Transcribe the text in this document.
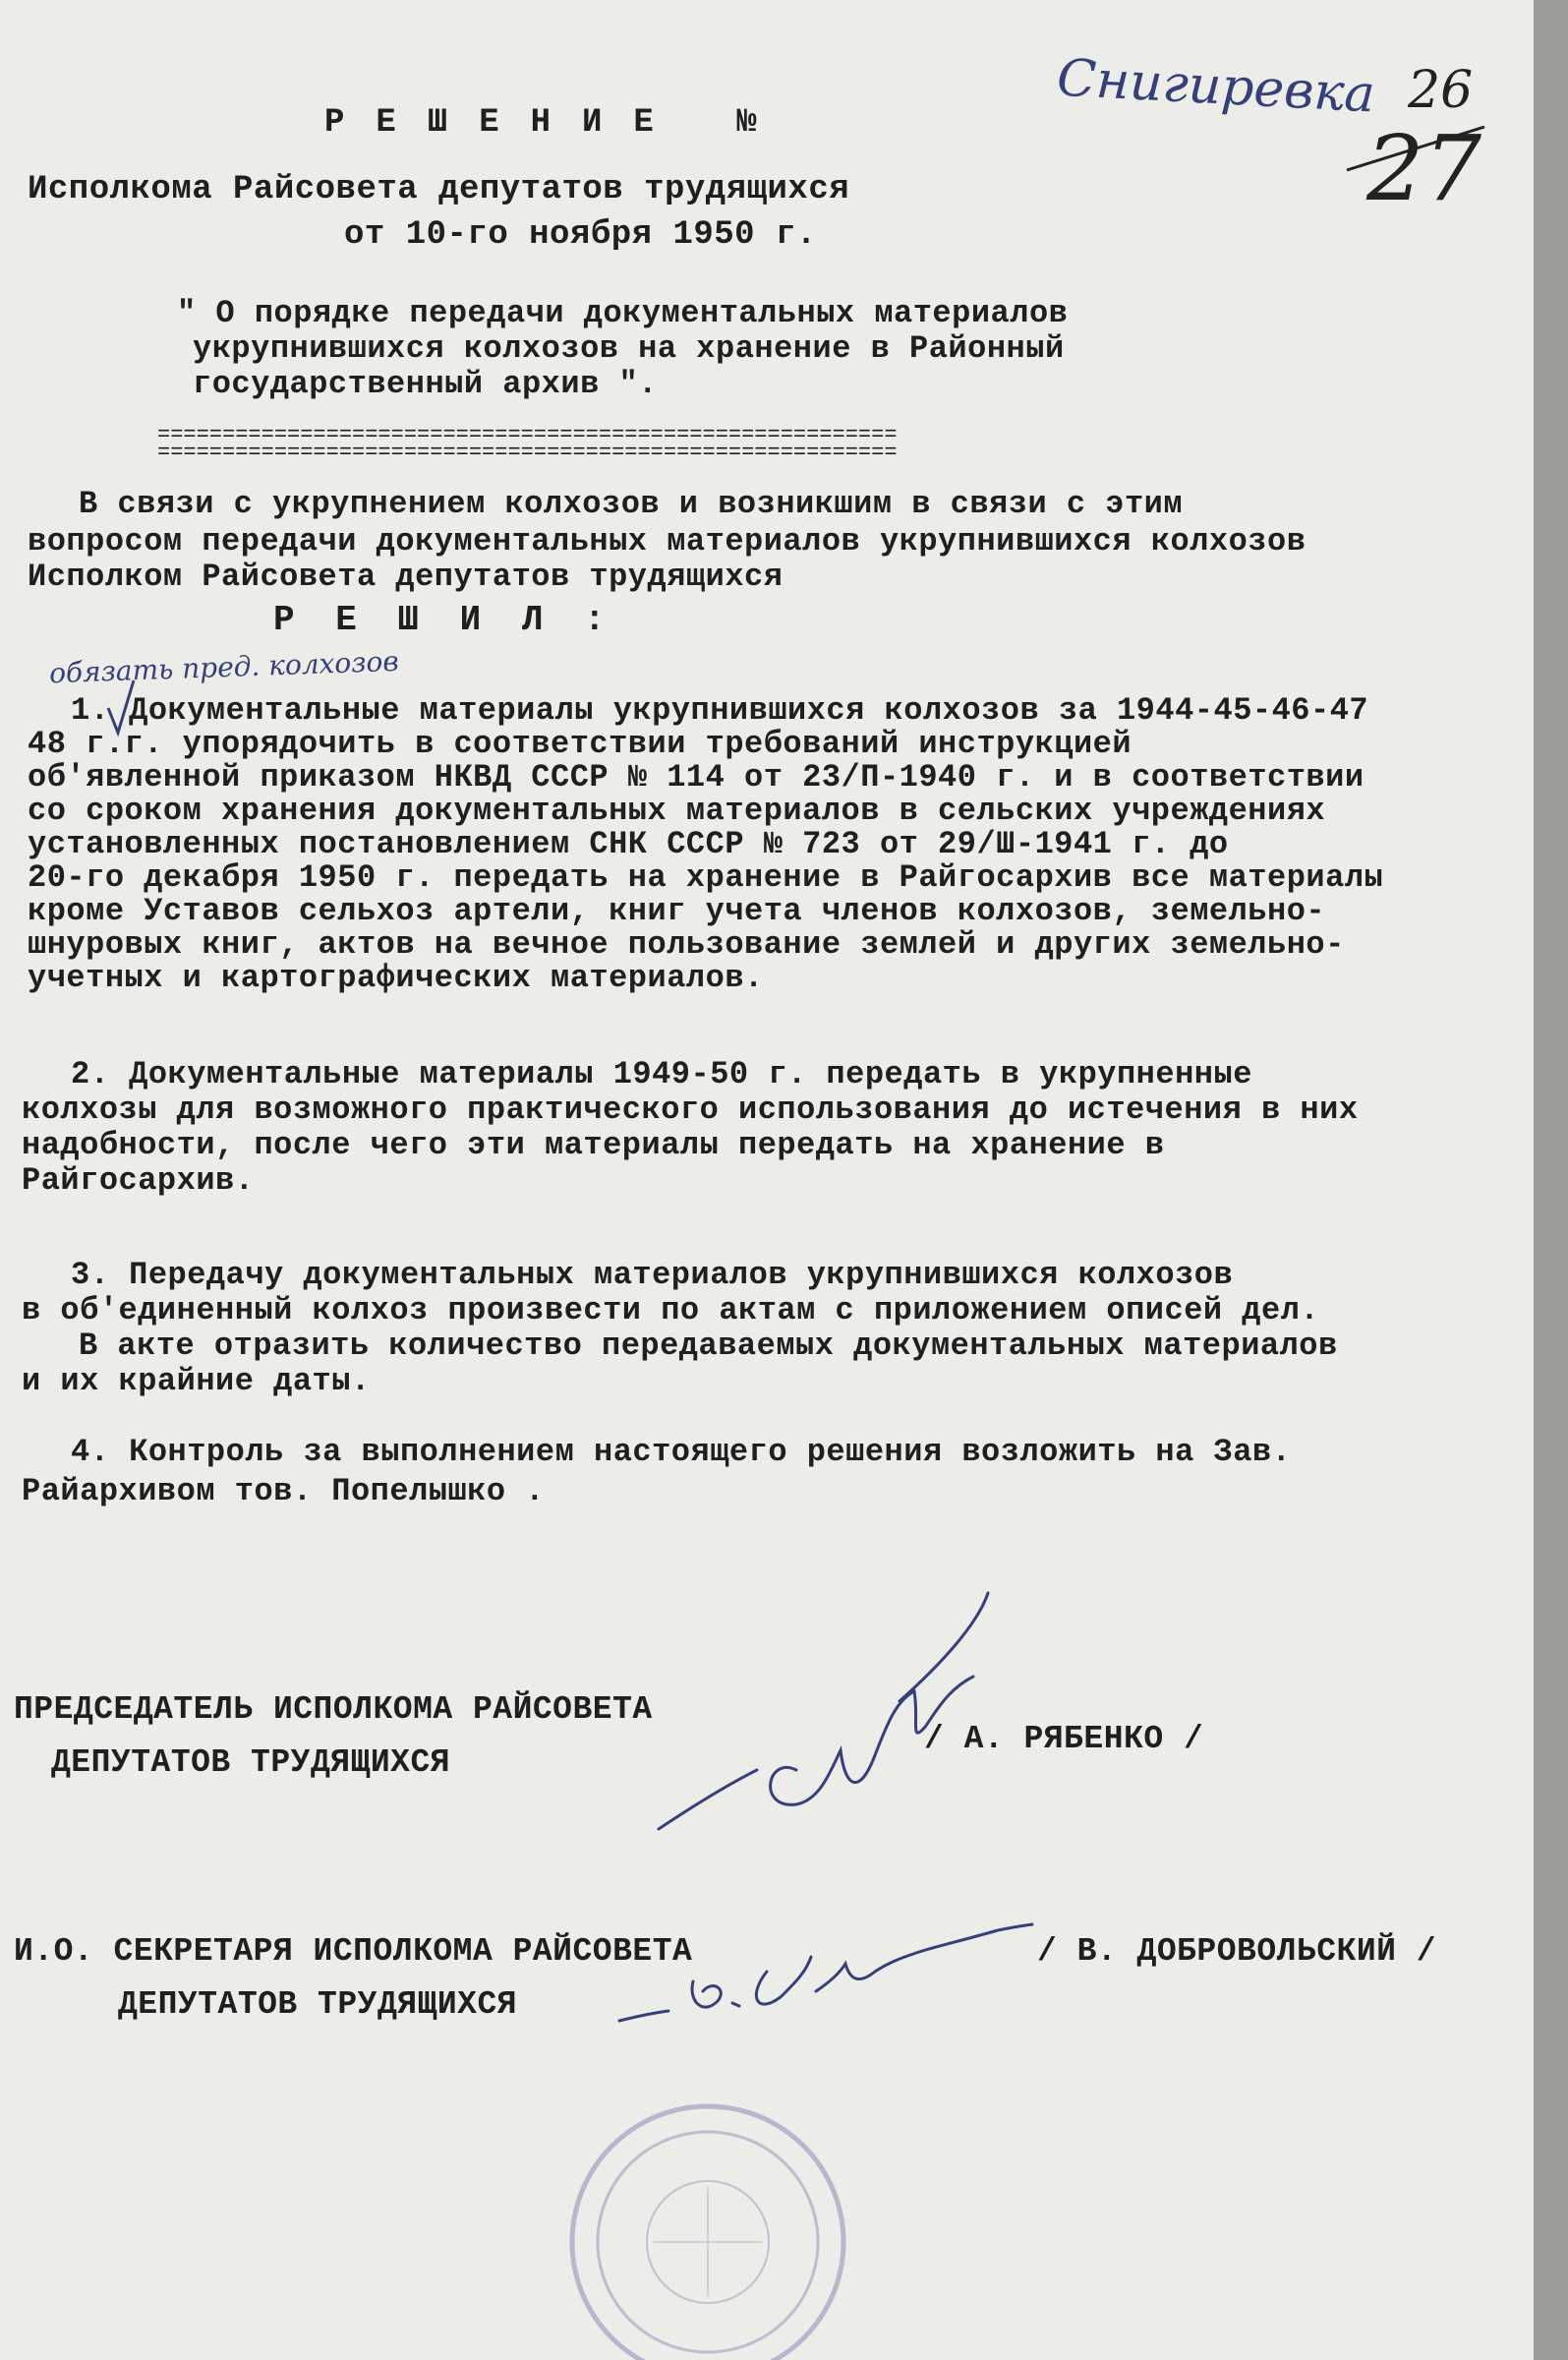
Снигиревка 26

27

РЕШЕНИЕ №

Исполкома Райсовета депутатов трудящихся

от 10-го ноября 1950 г.

" О порядке передачи документальных материалов

укрупнившихся колхозов на хранение в Районный

государственный архив ".

=========================================================

=========================================================

В связи с укрупнением колхозов и возникшим в связи с этим

вопросом передачи документальных материалов укрупнившихся колхозов

Исполком Райсовета депутатов трудящихся

Р Е Ш И Л :

обязать пред. колхозов

1. Документальные материалы укрупнившихся колхозов за 1944-45-46-47

48 г.г. упорядочить в соответствии требований инструкцией

об'явленной приказом НКВД СССР № 114 от 23/П-1940 г. и в соответствии

со сроком хранения документальных материалов в сельских учреждениях

установленных постановлением СНК СССР № 723 от 29/Ш-1941 г. до

20-го декабря 1950 г. передать на хранение в Райгосархив все материалы

кроме Уставов сельхоз артели, книг учета членов колхозов, земельно-

шнуровых книг, актов на вечное пользование землей и других земельно-

учетных и картографических материалов.

2. Документальные материалы 1949-50 г. передать в укрупненные

колхозы для возможного практического использования до истечения в них

надобности, после чего эти материалы передать на хранение в

Райгосархив.

3. Передачу документальных материалов укрупнившихся колхозов

в об'единенный колхоз произвести по актам с приложением описей дел.

В акте отразить количество передаваемых документальных материалов

и их крайние даты.

4. Контроль за выполнением настоящего решения возложить на Зав.

Райархивом тов. Попелышко .

ПРЕДСЕДАТЕЛЬ ИСПОЛКОМА РАЙСОВЕТА

ДЕПУТАТОВ ТРУДЯЩИХСЯ

/ А. РЯБЕНКО /

И.О. СЕКРЕТАРЯ ИСПОЛКОМА РАЙСОВЕТА

ДЕПУТАТОВ ТРУДЯЩИХСЯ

/ В. ДОБРОВОЛЬСКИЙ /
